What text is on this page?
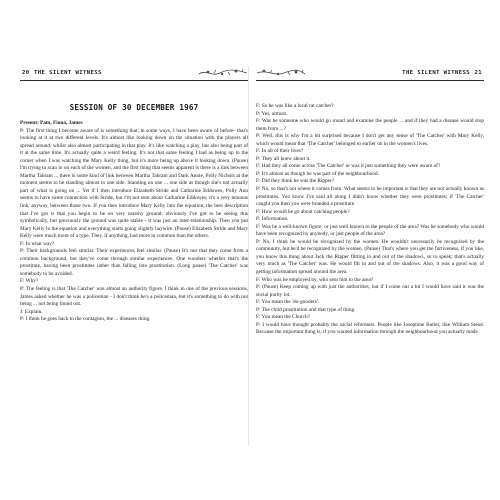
20 THE SILENT WITNESS
SESSION OF 30 DECEMBER 1967

Present: Pam, Fiona, James

P: The first thing I become aware of is something that, in some ways, I have been aware of before- that's looking at it at two different levels. It's almost like looking down on the situation with the players all spread around, whilst also almost participating in that play. It's like watching a play, but also being part of it at the same time. It's actually quite a weird feeling. It's not that same feeling I had as being up in the corner when I was watching the Mary Kelly thing, but it's more being up above it looking down. (Pause) I'm trying to scan in on each of the women, and the first thing that seems apparent is there is a link between Martha Tabram ... there is some kind of link between Martha Tabram and Dark Annie, Polly Nichols at the moment seems to be standing almost to one side. Standing on one ... one side as though she's not actually part of what is going on ... Yet if I then introduce Elizabeth Stride and Catharine Eddowes, Polly Ann seems to have some connection with Stride, but I'm not sure about Catharine Eddowes; it's a very tenuous link, anyway, between those two. If you then introduce Mary Kelly into the equation, the best description that I've got is that you begin to be on very marshy ground: obviously I've got to be seeing this symbolically, but previously the ground was quite stable - it was just an inter-relationship. Then you put Mary Kelly in the equation and everything starts going slightly haywire. (Pause) Elizabeth Stride and Mary Kelly were much more of a type. They, if anything, had more in common than the others.

F: In what way?

P: Their backgrounds feel similar. Their experiences feel similar. (Pause) It's not that they come from a common background, but they've come through similar experiences. One wonders whether that's the prostitute, having been prostitutes rather than falling into prostitution. (Long pause) 'The Catcher' was somebody to be avoided.

F: Why?

P: The feeling is that 'The Catcher' was almost an authority figure. I think in one of the previous sessions, James asked whether he was a policeman - I don't think he's a policeman, but it's something to do with not being ... not being found out.

J: Explain.

P: I think he goes back to the contagion, the ... diseases thing.

THE SILENT WITNESS 21

F: So he was like a local rat catcher?

P: Yes, almost.

F: Was he someone who would go round and examine the people ... and if they had a disease would stop them from ...?

P: Well, this is why I'm a bit surprised because I don't get any sense of 'The Catcher' with Mary Kelly, which would mean that 'The Catcher' belonged to earlier on in the women's lives.

F: In all of their lives?

P: They all knew about it.

F: Had they all come across 'The Catcher' or was it just something they were aware of?

P: It's almost as though he was part of the neighbourhood.

F: Did they think he was the Ripper?

P: No, so that's not where it comes from. What seems to be important is that they are not actually known as prostitutes. You know I've said all along I didn't know whether they were prostitutes; if 'The Catcher' caught you then you were branded a prostitute.

F: How would he go about catching people?

P: Information.

F: Was he a well-known figure, or just well known to the people of the area? Was he somebody who would have been recognized by anybody, or just people of the area?

P: No, I think he would be recognized by the women. He wouldn't necessarily be recognized by the community, but he'd be recognized by the women. (Pause) That's where you get the furtiveness, if you like, you know this thing about Jack the Ripper flitting in and out of the shadows, so to speak; that's actually very much as 'The Catcher' was. He would flit in and out of the shadows. Also, it was a good way of getting information spread around the area.

F: Who was he employed by, who sent him to the area?

P: (Pause) Keep coming up with just the authorities, but if I come out a bit I would have said it was the social purity lot.

F: You mean the 'do-gooders'.

P: The child prostitution and that type of thing.

F: You mean the Church?

P: I would have thought probably the social reformers. People like Josephine Butler, like William Stead. Because the important thing is, if you wanted information through the neighbourhood you actually made
